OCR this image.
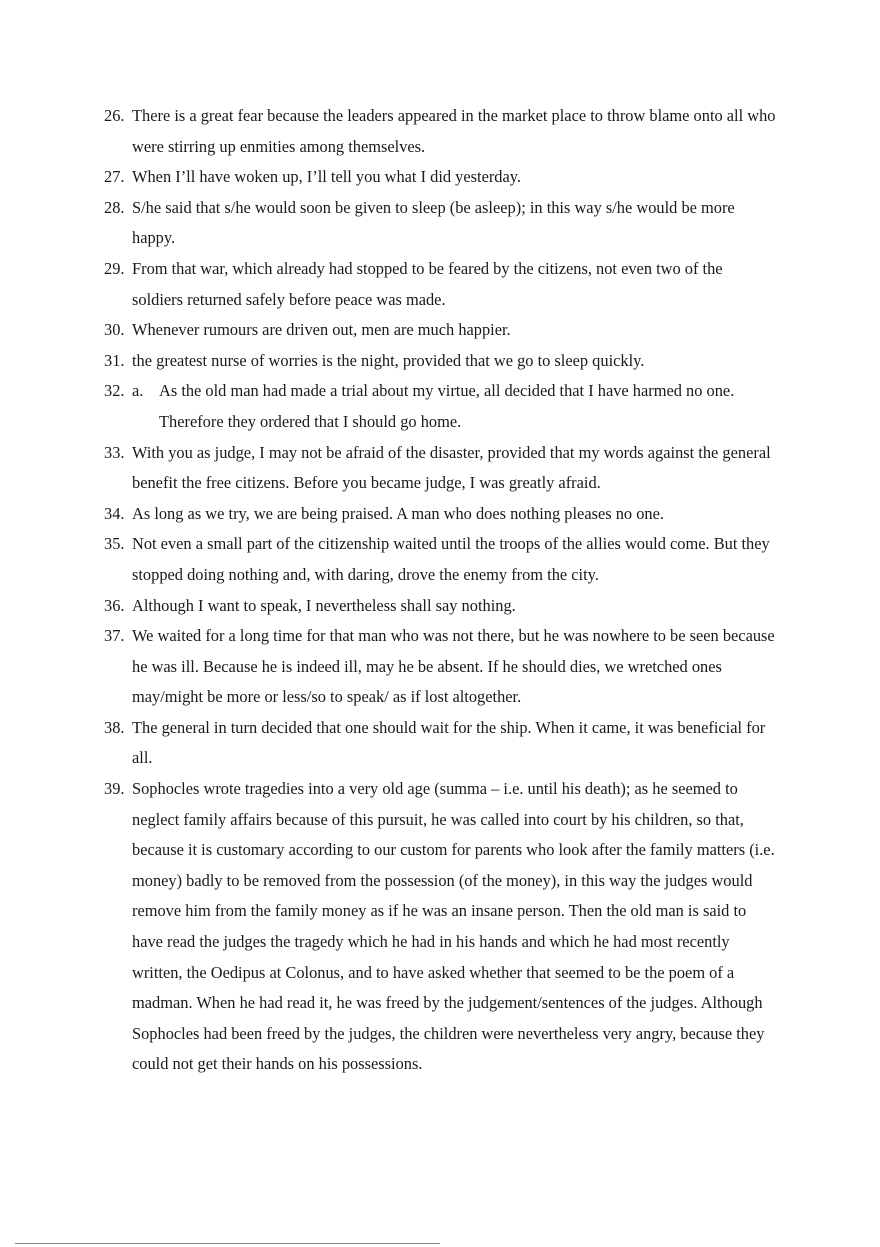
26. There is a great fear because the leaders appeared in the market place to throw blame onto all who were stirring up enmities among themselves.
27. When I’ll have woken up, I’ll tell you what I did yesterday.
28. S/he said that s/he would soon be given to sleep (be asleep); in this way s/he would be more happy.
29. From that war, which already had stopped to be feared by the citizens, not even two of the soldiers returned safely before peace was made.
30. Whenever rumours are driven out, men are much happier.
31. the greatest nurse of worries is the night, provided that we go to sleep quickly.
32. a. As the old man had made a trial about my virtue, all decided that I have harmed no one. Therefore they ordered that I should go home.
33. With you as judge, I may not be afraid of the disaster, provided that my words against the general benefit the free citizens. Before you became judge, I was greatly afraid.
34. As long as we try, we are being praised. A man who does nothing pleases no one.
35. Not even a small part of the citizenship waited until the troops of the allies would come. But they stopped doing nothing and, with daring, drove the enemy from the city.
36. Although I want to speak, I nevertheless shall say nothing.
37. We waited for a long time for that man who was not there, but he was nowhere to be seen because he was ill. Because he is indeed ill, may he be absent. If he should dies, we wretched ones may/might be more or less/so to speak/ as if lost altogether.
38. The general in turn decided that one should wait for the ship. When it came, it was beneficial for all.
39. Sophocles wrote tragedies into a very old age (summa – i.e. until his death); as he seemed to neglect family affairs because of this pursuit, he was called into court by his children, so that, because it is customary according to our custom for parents who look after the family matters (i.e. money) badly to be removed from the possession (of the money), in this way the judges would remove him from the family money as if he was an insane person. Then the old man is said to have read the judges the tragedy which he had in his hands and which he had most recently written, the Oedipus at Colonus, and to have asked whether that seemed to be the poem of a madman. When he had read it, he was freed by the judgement/sentences of the judges. Although Sophocles had been freed by the judges, the children were nevertheless very angry, because they could not get their hands on his possessions.
